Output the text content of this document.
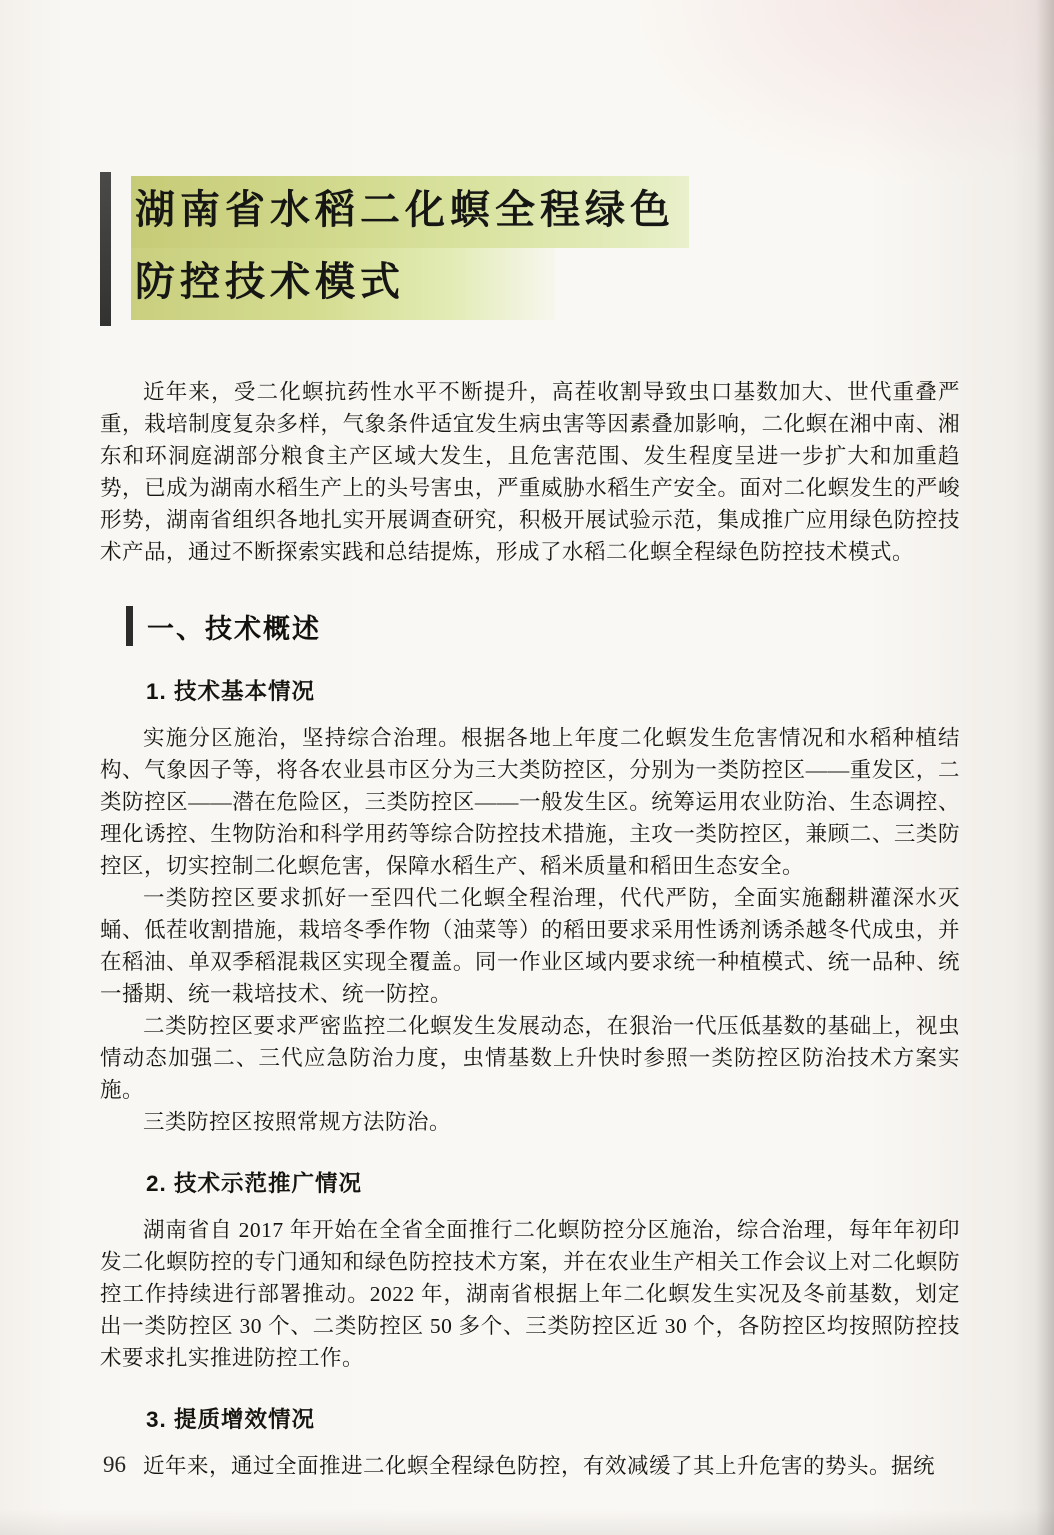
湖南省水稻二化螟全程绿色
防控技术模式

近年来，受二化螟抗药性水平不断提升，高茬收割导致虫口基数加大、世代重叠严重，栽培制度复杂多样，气象条件适宜发生病虫害等因素叠加影响，二化螟在湘中南、湘东和环洞庭湖部分粮食主产区域大发生，且危害范围、发生程度呈进一步扩大和加重趋势，已成为湖南水稻生产上的头号害虫，严重威胁水稻生产安全。面对二化螟发生的严峻形势，湖南省组织各地扎实开展调查研究，积极开展试验示范，集成推广应用绿色防控技术产品，通过不断探索实践和总结提炼，形成了水稻二化螟全程绿色防控技术模式。

一、技术概述
1. 技术基本情况

实施分区施治，坚持综合治理。根据各地上年度二化螟发生危害情况和水稻种植结构、气象因子等，将各农业县市区分为三大类防控区，分别为一类防控区——重发区，二类防控区——潜在危险区，三类防控区——一般发生区。统筹运用农业防治、生态调控、理化诱控、生物防治和科学用药等综合防控技术措施，主攻一类防控区，兼顾二、三类防控区，切实控制二化螟危害，保障水稻生产、稻米质量和稻田生态安全。

一类防控区要求抓好一至四代二化螟全程治理，代代严防，全面实施翻耕灌深水灭蛹、低茬收割措施，栽培冬季作物（油菜等）的稻田要求采用性诱剂诱杀越冬代成虫，并在稻油、单双季稻混栽区实现全覆盖。同一作业区域内要求统一种植模式、统一品种、统一播期、统一栽培技术、统一防控。

二类防控区要求严密监控二化螟发生发展动态，在狠治一代压低基数的基础上，视虫情动态加强二、三代应急防治力度，虫情基数上升快时参照一类防控区防治技术方案实施。

三类防控区按照常规方法防治。

2. 技术示范推广情况

湖南省自 2017 年开始在全省全面推行二化螟防控分区施治，综合治理，每年年初印发二化螟防控的专门通知和绿色防控技术方案，并在农业生产相关工作会议上对二化螟防控工作持续进行部署推动。2022 年，湖南省根据上年二化螟发生实况及冬前基数，划定出一类防控区 30 个、二类防控区 50 多个、三类防控区近 30 个，各防控区均按照防控技术要求扎实推进防控工作。

3. 提质增效情况

近年来，通过全面推进二化螟全程绿色防控，有效减缓了其上升危害的势头。据统

96
